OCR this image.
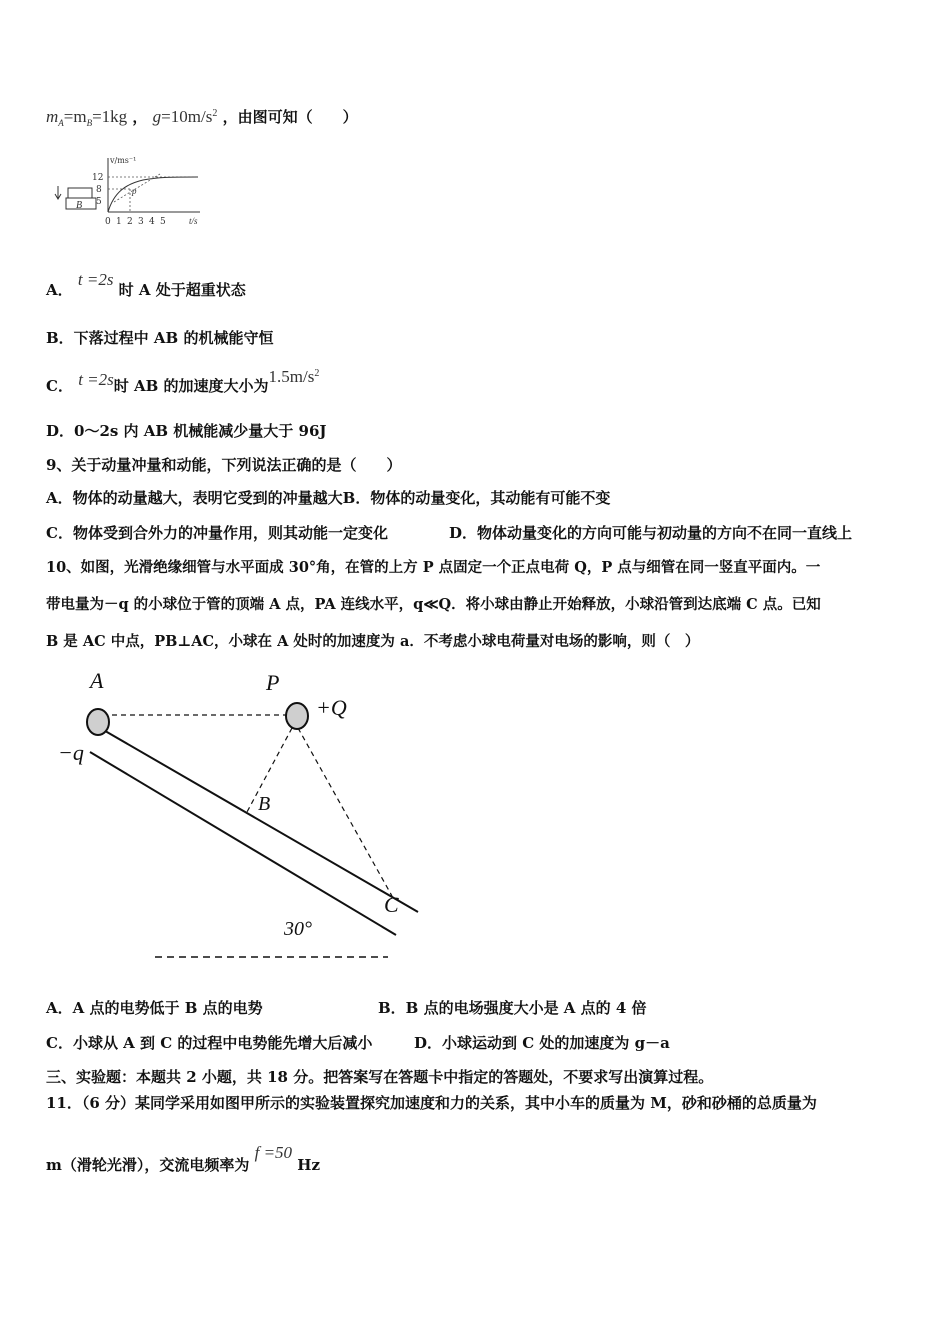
$m_A=m_B=1kg$ ， $g=10m/s^2$ ，由图可知（　　）
B
v/ms⁻¹
t/s
12
8
5
p
0 1 2 3 4 5
A． t =2s 时 A 处于超重状态
B．下落过程中 AB 的机械能守恒
C． t =2s时 AB 的加速度大小为$1.5m/s^2$
D．0～2s 内 AB 机械能减少量大于 96J
9、关于动量冲量和动能，下列说法正确的是（　　）
A．物体的动量越大，表明它受到的冲量越大B．物体的动量变化，其动能有可能不变
C．物体受到合外力的冲量作用，则其动能一定变化	D．物体动量变化的方向可能与初动量的方向不在同一直线上
10、如图，光滑绝缘细管与水平面成 30°角，在管的上方 P 点固定一个正点电荷 Q，P 点与细管在同一竖直平面内。一
带电量为－q 的小球位于管的顶端 A 点，PA 连线水平，q≪Q．将小球由静止开始释放，小球沿管到达底端 C 点。已知
B 是 AC 中点，PB⊥AC，小球在 A 处时的加速度为 a．不考虑小球电荷量对电场的影响，则（　）
A	P
+Q
−q
B
C
30°
A．A 点的电势低于 B 点的电势	B．B 点的电场强度大小是 A 点的 4 倍
C．小球从 A 到 C 的过程中电势能先增大后减小	D．小球运动到 C 处的加速度为 g－a
三、实验题：本题共 2 小题，共 18 分。把答案写在答题卡中指定的答题处，不要求写出演算过程。
11．（6 分）某同学采用如图甲所示的实验装置探究加速度和力的关系，其中小车的质量为 M，砂和砂桶的总质量为
m（滑轮光滑），交流电频率为 f =50 Hz
